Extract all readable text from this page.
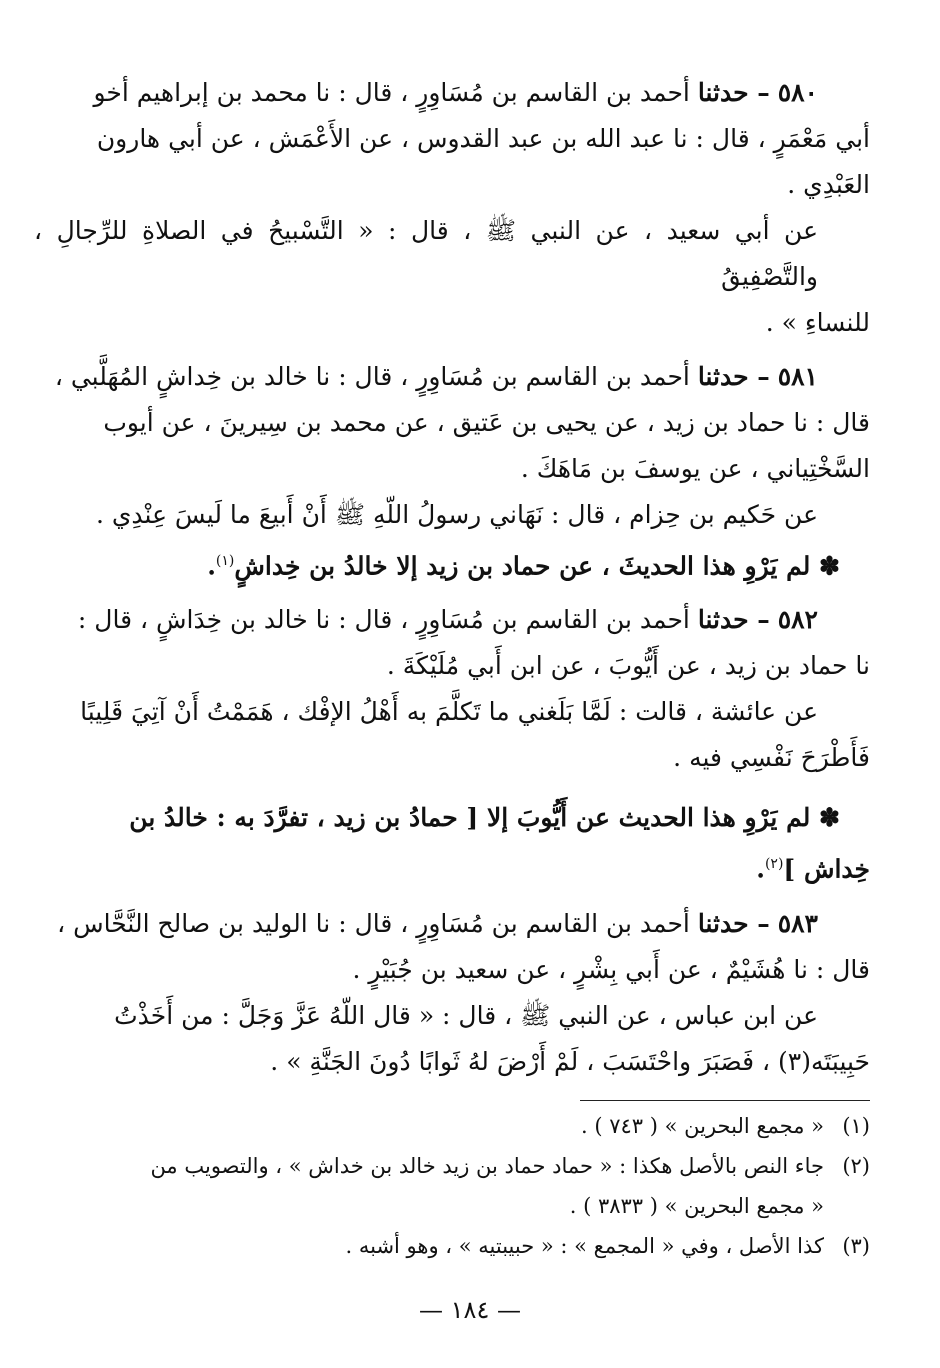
٥٨٠ – حدثنا أحمد بن القاسم بن مُسَاوِرٍ ، قال : نا محمد بن إبراهيم أخو
أبي مَعْمَرٍ ، قال : نا عبد الله بن عبد القدوس ، عن الأَعْمَش ، عن أبي هارون
العَبْدِي .
عن أبي سعيد ، عن النبي ﷺ ، قال : « التَّسْبيحُ في الصلاةِ للرِّجالِ ، والتَّصْفِيقُ
للنساءِ » .
٥٨١ – حدثنا أحمد بن القاسم بن مُسَاوِرٍ ، قال : نا خالد بن خِداشٍ المُهَلَّبي ،
قال : نا حماد بن زيد ، عن يحيى بن عَتيق ، عن محمد بن سِيرينَ ، عن أيوب
السَّخْتِياني ، عن يوسفَ بن مَاهَكَ .
عن حَكيم بن حِزام ، قال : نَهَاني رسولُ اللّهِ ﷺ أَنْ أَبيعَ ما لَيسَ عِنْدِي .
✽ لم يَرْوِ هذا الحديثَ ، عن حماد بن زيد إلا خالدُ بن خِداشٍ$^{(١)}$.
٥٨٢ – حدثنا أحمد بن القاسم بن مُسَاوِرٍ ، قال : نا خالد بن خِدَاشٍ ، قال :
نا حماد بن زيد ، عن أَيُّوبَ ، عن ابن أَبي مُلَيْكَةَ .
عن عائشة ، قالت : لَمَّا بَلَغني ما تَكلَّمَ به أَهْلُ الإفْك ، هَمَمْتُ أَنْ آتِيَ قَلِيبًا
فَأَطْرَحَ نَفْسِي فيه .
✽ لم يَرْوِ هذا الحديث عن أَيُّوبَ إلا [ حمادُ بن زيد ، تفرَّدَ به : خالدُ بن
خِداش ]$^{(٢)}$.
٥٨٣ – حدثنا أحمد بن القاسم بن مُسَاوِرٍ ، قال : نا الوليد بن صالح النَّحَّاس ،
قال : نا هُشَيْمٌ ، عن أَبي بِشْرٍ ، عن سعيد بن جُبَيْرٍ .
عن ابن عباس ، عن النبي ﷺ ، قال : « قال اللّهُ عَزَّ وَجَلَّ : من أَخَذْتُ
حَبِيبَتَه(٣) ، فَصَبَرَ واحْتَسَبَ ، لَمْ أَرْضَ لهُ ثَوابًا دُونَ الجَنَّةِ » .
(١)
« مجمع البحرين » ( ٧٤٣ ) .
(٢)
جاء النص بالأصل هكذا : « حماد حماد بن زيد خالد بن خداش » ، والتصويب من
« مجمع البحرين » ( ٣٨٣٣ ) .
(٣)
كذا الأصل ، وفي « المجمع » : « حبيبتيه » ، وهو أشبه .
— ١٨٤ —
